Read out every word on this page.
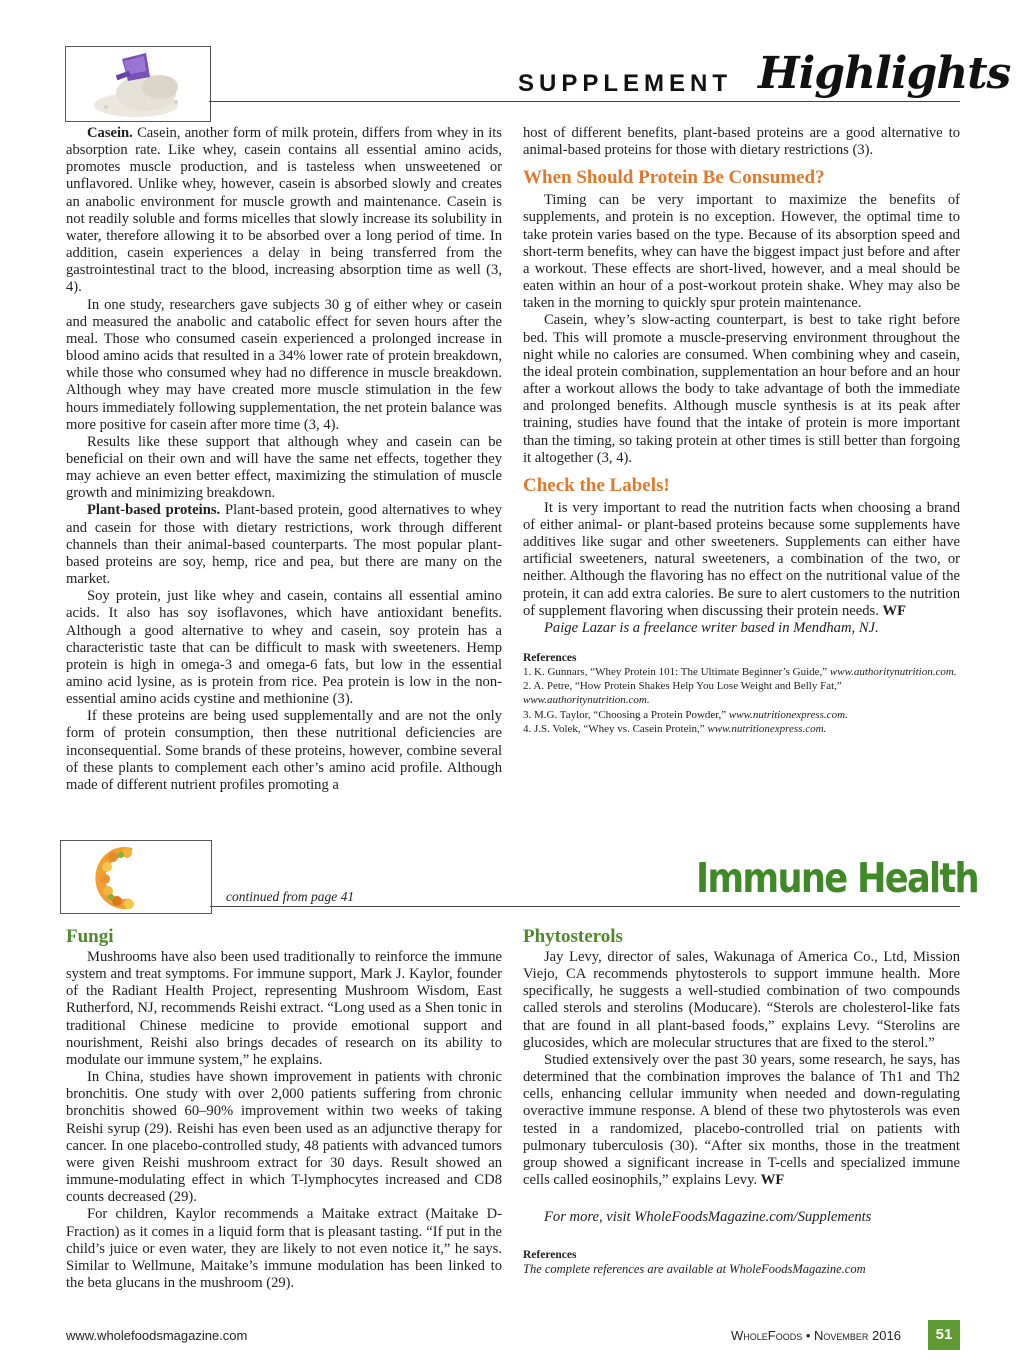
SUPPLEMENT Highlights

Casein. Casein, another form of milk protein, differs from whey in its absorption rate. Like whey, casein contains all essential amino acids, promotes muscle production, and is tasteless when unsweetened or unflavored. Unlike whey, however, casein is absorbed slowly and creates an anabolic environment for muscle growth and maintenance. Casein is not readily soluble and forms micelles that slowly increase its solubility in water, therefore allowing it to be absorbed over a long period of time. In addition, casein experiences a delay in being transferred from the gastrointestinal tract to the blood, increasing absorption time as well (3, 4).

In one study, researchers gave subjects 30 g of either whey or casein and measured the anabolic and catabolic effect for seven hours after the meal. Those who consumed casein experienced a prolonged increase in blood amino acids that resulted in a 34% lower rate of protein breakdown, while those who consumed whey had no difference in muscle breakdown. Although whey may have created more muscle stimulation in the few hours immediately following supplementation, the net protein balance was more positive for casein after more time (3, 4).

Results like these support that although whey and casein can be beneficial on their own and will have the same net effects, together they may achieve an even better effect, maximizing the stimulation of muscle growth and minimizing breakdown.

Plant-based proteins. Plant-based protein, good alternatives to whey and casein for those with dietary restrictions, work through different channels than their animal-based counterparts. The most popular plant-based proteins are soy, hemp, rice and pea, but there are many on the market.

Soy protein, just like whey and casein, contains all essential amino acids. It also has soy isoflavones, which have antioxidant benefits. Although a good alternative to whey and casein, soy protein has a characteristic taste that can be difficult to mask with sweeteners. Hemp protein is high in omega-3 and omega-6 fats, but low in the essential amino acid lysine, as is protein from rice. Pea protein is low in the non-essential amino acids cystine and methionine (3).

If these proteins are being used supplementally and are not the only form of protein consumption, then these nutritional deficiencies are inconsequential. Some brands of these proteins, however, combine several of these plants to complement each other’s amino acid profile. Although made of different nutrient profiles promoting a

host of different benefits, plant-based proteins are a good alternative to animal-based proteins for those with dietary restrictions (3).

When Should Protein Be Consumed?

Timing can be very important to maximize the benefits of supplements, and protein is no exception. However, the optimal time to take protein varies based on the type. Because of its absorption speed and short-term benefits, whey can have the biggest impact just before and after a workout. These effects are short-lived, however, and a meal should be eaten within an hour of a post-workout protein shake. Whey may also be taken in the morning to quickly spur protein maintenance.

Casein, whey’s slow-acting counterpart, is best to take right before bed. This will promote a muscle-preserving environment throughout the night while no calories are consumed. When combining whey and casein, the ideal protein combination, supplementation an hour before and an hour after a workout allows the body to take advantage of both the immediate and prolonged benefits. Although muscle synthesis is at its peak after training, studies have found that the intake of protein is more important than the timing, so taking protein at other times is still better than forgoing it altogether (3, 4).

Check the Labels!

It is very important to read the nutrition facts when choosing a brand of either animal- or plant-based proteins because some supplements have additives like sugar and other sweeteners. Supplements can either have artificial sweeteners, natural sweeteners, a combination of the two, or neither. Although the flavoring has no effect on the nutritional value of the protein, it can add extra calories. Be sure to alert customers to the nutrition of supplement flavoring when discussing their protein needs. WF

Paige Lazar is a freelance writer based in Mendham, NJ.

References
1. K. Gunnars, “Whey Protein 101: The Ultimate Beginner’s Guide,” www.authoritynutrition.com.
2. A. Petre, “How Protein Shakes Help You Lose Weight and Belly Fat,” www.authoritynutrition.com.
3. M.G. Taylor, “Choosing a Protein Powder,” www.nutritionexpress.com.
4. J.S. Volek, “Whey vs. Casein Protein,” www.nutritionexpress.com.
continued from page 41	Immune Health
Fungi

Mushrooms have also been used traditionally to reinforce the immune system and treat symptoms. For immune support, Mark J. Kaylor, founder of the Radiant Health Project, representing Mushroom Wisdom, East Rutherford, NJ, recommends Reishi extract. “Long used as a Shen tonic in traditional Chinese medicine to provide emotional support and nourishment, Reishi also brings decades of research on its ability to modulate our immune system,” he explains.

In China, studies have shown improvement in patients with chronic bronchitis. One study with over 2,000 patients suffering from chronic bronchitis showed 60–90% improvement within two weeks of taking Reishi syrup (29). Reishi has even been used as an adjunctive therapy for cancer. In one placebo-controlled study, 48 patients with advanced tumors were given Reishi mushroom extract for 30 days. Result showed an immune-modulating effect in which T-lymphocytes increased and CD8 counts decreased (29).

For children, Kaylor recommends a Maitake extract (Maitake D-Fraction) as it comes in a liquid form that is pleasant tasting. “If put in the child’s juice or even water, they are likely to not even notice it,” he says. Similar to Wellmune, Maitake’s immune modulation has been linked to the beta glucans in the mushroom (29).

Phytosterols

Jay Levy, director of sales, Wakunaga of America Co., Ltd, Mission Viejo, CA recommends phytosterols to support immune health. More specifically, he suggests a well-studied combination of two compounds called sterols and sterolins (Moducare). “Sterols are cholesterol-like fats that are found in all plant-based foods,” explains Levy. “Sterolins are glucosides, which are molecular structures that are fixed to the sterol.”

Studied extensively over the past 30 years, some research, he says, has determined that the combination improves the balance of Th1 and Th2 cells, enhancing cellular immunity when needed and down-regulating overactive immune response. A blend of these two phytosterols was even tested in a randomized, placebo-controlled trial on patients with pulmonary tuberculosis (30). “After six months, those in the treatment group showed a significant increase in T-cells and specialized immune cells called eosinophils,” explains Levy. WF

For more, visit WholeFoodsMagazine.com/Supplements

References
The complete references are available at WholeFoodsMagazine.com
www.wholefoodsmagazine.com	WholeFoods • November 2016	51
